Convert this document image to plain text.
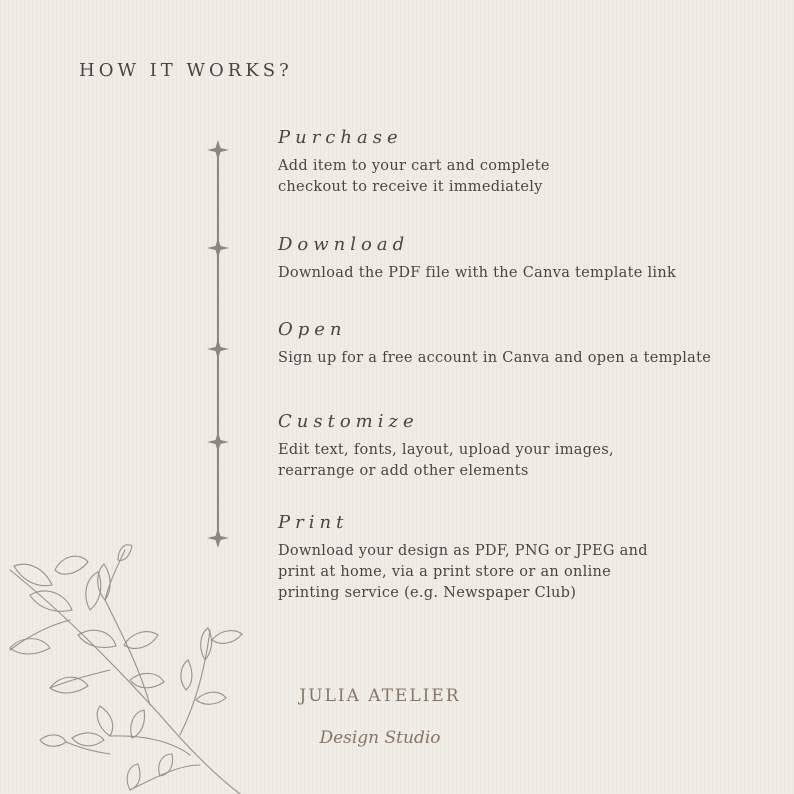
HOW IT WORKS?
Purchase
Add item to your cart and complete
checkout to receive it immediately
Download
Download the PDF file with the Canva template link
Open
Sign up for a free account in Canva and open a template
Customize
Edit text, fonts, layout, upload your images,
rearrange or add other elements
Print
Download your design as PDF, PNG or JPEG and
print at home, via a print store or an online
printing service (e.g. Newspaper Club)
JULIA ATELIER
Design Studio
